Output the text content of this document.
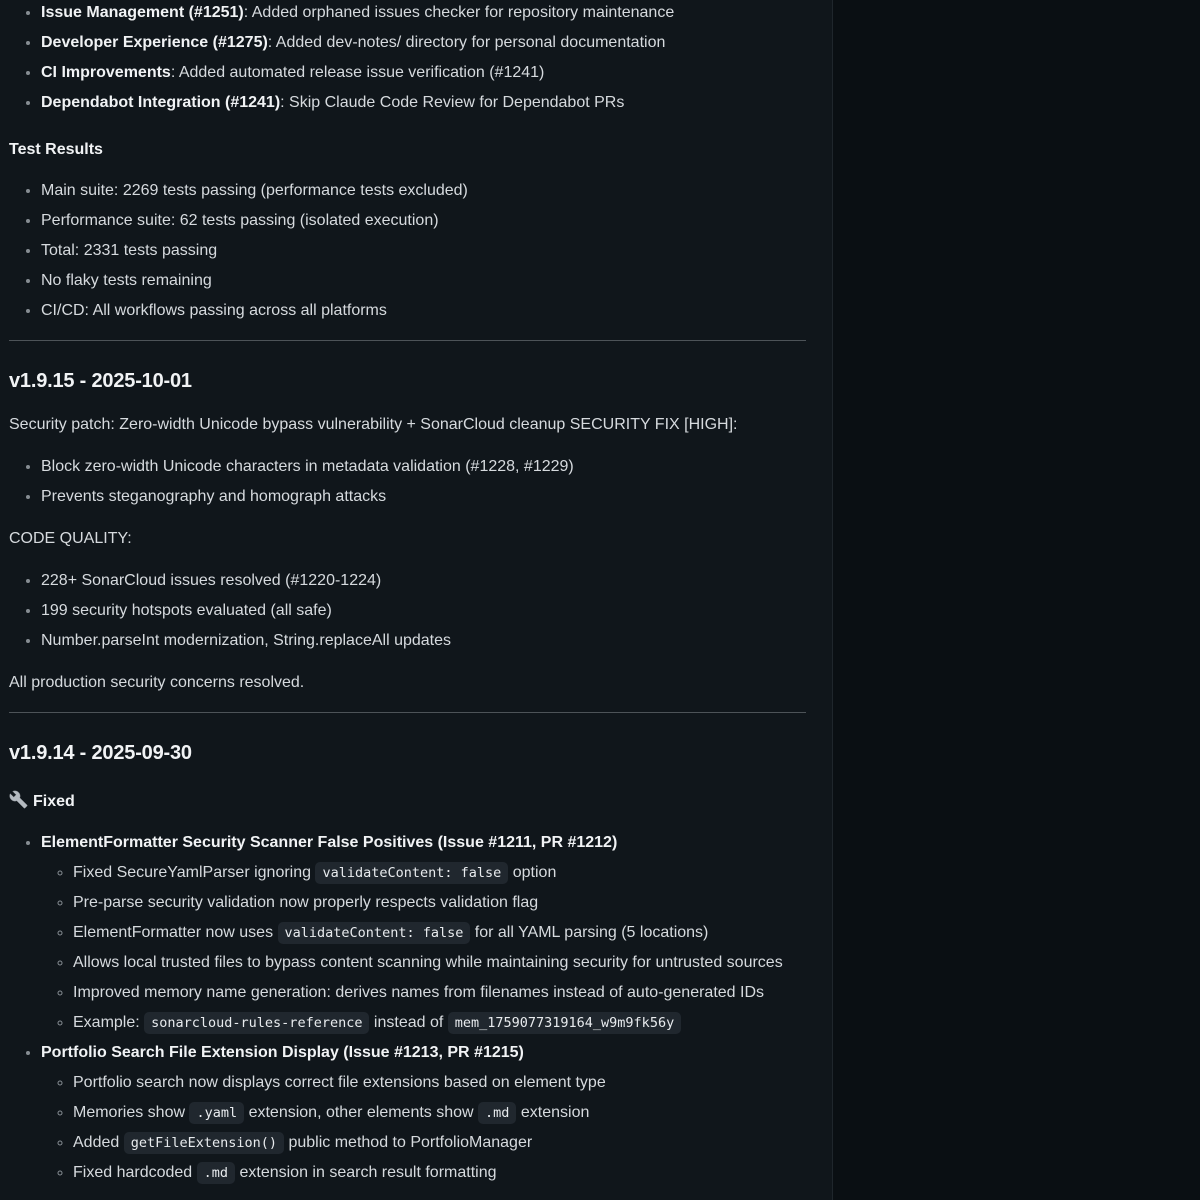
• Issue Management (#1251): Added orphaned issues checker for repository maintenance
• Developer Experience (#1275): Added dev-notes/ directory for personal documentation
• CI Improvements: Added automated release issue verification (#1241)
• Dependabot Integration (#1241): Skip Claude Code Review for Dependabot PRs
Test Results
• Main suite: 2269 tests passing (performance tests excluded)
• Performance suite: 62 tests passing (isolated execution)
• Total: 2331 tests passing
• No flaky tests remaining
• CI/CD: All workflows passing across all platforms
v1.9.15 - 2025-10-01

Security patch: Zero-width Unicode bypass vulnerability + SonarCloud cleanup SECURITY FIX [HIGH]:

• Block zero-width Unicode characters in metadata validation (#1228, #1229)
• Prevents steganography and homograph attacks

CODE QUALITY:

• 228+ SonarCloud issues resolved (#1220-1224)
• 199 security hotspots evaluated (all safe)
• Number.parseInt modernization, String.replaceAll updates

All production security concerns resolved.

v1.9.14 - 2025-09-30
Fixed
• ElementFormatter Security Scanner False Positives (Issue #1211, PR #1212)
◦ Fixed SecureYamlParser ignoring validateContent: false option
◦ Pre-parse security validation now properly respects validation flag
◦ ElementFormatter now uses validateContent: false for all YAML parsing (5 locations)
◦ Allows local trusted files to bypass content scanning while maintaining security for untrusted sources
◦ Improved memory name generation: derives names from filenames instead of auto-generated IDs
◦ Example: sonarcloud-rules-reference instead of mem_1759077319164_w9m9fk56y
• Portfolio Search File Extension Display (Issue #1213, PR #1215)
◦ Portfolio search now displays correct file extensions based on element type
◦ Memories show .yaml extension, other elements show .md extension
◦ Added getFileExtension() public method to PortfolioManager
◦ Fixed hardcoded .md extension in search result formatting
